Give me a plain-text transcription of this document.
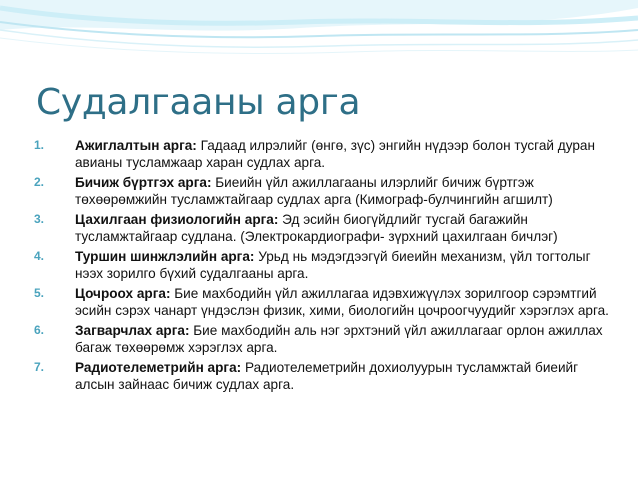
Судалгааны арга
1.	Ажиглалтын арга: Гадаад илрэлийг (өнгө, зүс) энгийн нүдээр болон тусгай дуран авианы тусламжаар харан судлах арга.
2.	Бичиж бүртгэх арга: Биеийн үйл ажиллагааны илэрлийг бичиж бүртгэж төхөөрөмжийн тусламжтайгаар судлах арга (Кимограф-булчингийн агшилт)
3.	Цахилгаан физиологийн арга: Эд эсийн биогүйдлийг тусгай багажийн тусламжтайгаар судлана. (Электрокардиографи- зүрхний цахилгаан бичлэг)
4.	Туршин шинжлэлийн арга: Урьд нь мэдэгдээгүй биеийн механизм, үйл тогтолыг нээх зорилго бүхий судалгааны арга.
5.	Цочроох арга: Бие махбодийн үйл ажиллагаа идэвхижүүлэх зорилгоор сэрэмтгий эсийн сэрэх чанарт үндэслэн физик, хими, биологийн цочроогчуудийг хэрэглэх арга.
6.	Загварчлах арга: Бие махбодийн аль нэг эрхтэний үйл ажиллагааг орлон ажиллах багаж төхөөрөмж хэрэглэх арга.
7.	Радиотелеметрийн арга: Радиотелеметрийн дохиолуурын тусламжтай биеийг алсын зайнаас бичиж судлах арга.
